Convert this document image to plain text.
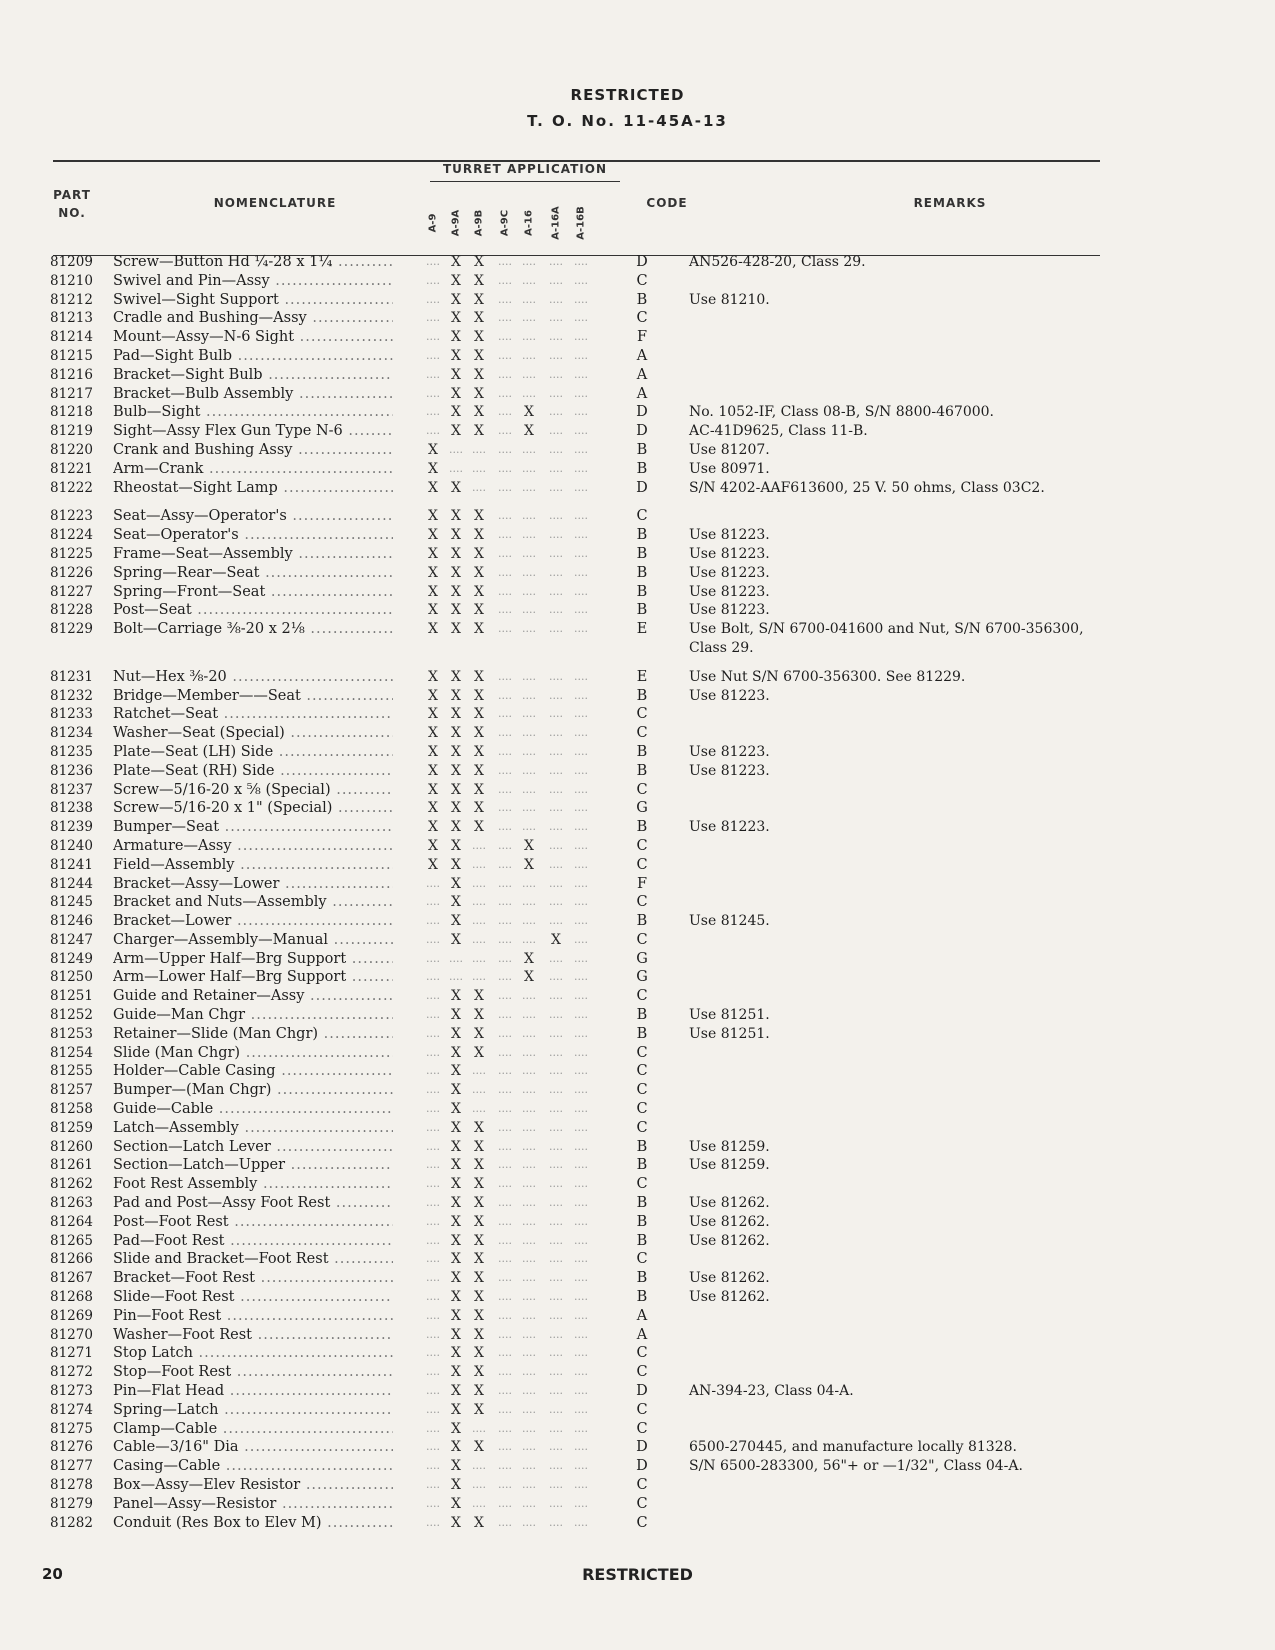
RESTRICTED
T. O. No. 11-45A-13
PART NO.
NOMENCLATURE
TURRET APPLICATION
A-9 A-9A A-9B A-9C A-16 A-16A A-16B
CODE	REMARKS
81209	Screw—Button Hd ¼-28 x 1¼ .....	.... X X	.... .... .... ....	D	AN526-428-20, Class 29.
81210	Swivel and Pin—Assy .....	.... X X	.... .... .... ....	C
81212	Swivel—Sight Support .....	.... X X	.... .... .... ....	B	Use 81210.
81213	Cradle and Bushing—Assy .....	.... X X	.... .... .... ....	C
81214	Mount—Assy—N-6 Sight .....	.... X X	.... .... .... ....	F
81215	Pad—Sight Bulb .....	.... X X	.... .... .... ....	A
81216	Bracket—Sight Bulb .....	.... X X	.... .... .... ....	A
81217	Bracket—Bulb Assembly .....	.... X X	.... .... .... ....	A
81218	Bulb—Sight .....	.... X X	.... X	.... ....	D	No. 1052-IF, Class 08-B, S/N 8800-467000.
81219	Sight—Assy Flex Gun Type N-6 .....	.... X X	.... X	.... ....	D	AC-41D9625, Class 11-B.
81220	Crank and Bushing Assy .....	X	.... .... .... .... .... ....	B	Use 81207.
81221	Arm—Crank .....	X	.... .... .... .... .... ....	B	Use 80971.
81222	Rheostat—Sight Lamp .....	X X	.... .... .... .... ....	D	S/N 4202-AAF613600, 25 V. 50 ohms, Class 03C2.
81223	Seat—Assy—Operator's .....	X X X	.... .... .... ....	C
81224	Seat—Operator's .....	X X X	.... .... .... ....	B	Use 81223.
81225	Frame—Seat—Assembly .....	X X X	.... .... .... ....	B	Use 81223.
81226	Spring—Rear—Seat .....	X X X	.... .... .... ....	B	Use 81223.
81227	Spring—Front—Seat .....	X X X	.... .... .... ....	B	Use 81223.
81228	Post—Seat .....	X X X	.... .... .... ....	B	Use 81223.
81229	Bolt—Carriage ⅜-20 x 2⅛ .....	X X X	.... .... .... ....	E	Use Bolt, S/N 6700-041600 and Nut, S/N 6700-356300, Class 29.
81231	Nut—Hex ⅜-20 .....	X X X	.... .... .... ....	E	Use Nut S/N 6700-356300. See 81229.
81232	Bridge—Member——Seat .....	X X X	.... .... .... ....	B	Use 81223.
81233	Ratchet—Seat .....	X X X	.... .... .... ....	C
81234	Washer—Seat (Special) .....	X X X	.... .... .... ....	C
81235	Plate—Seat (LH) Side .....	X X X	.... .... .... ....	B	Use 81223.
81236	Plate—Seat (RH) Side .....	X X X	.... .... .... ....	B	Use 81223.
81237	Screw—5/16-20 x ⅝ (Special) .....	X X X	.... .... .... ....	C
81238	Screw—5/16-20 x 1" (Special) .....	X X X	.... .... .... ....	G
81239	Bumper—Seat .....	X X X	.... .... .... ....	B	Use 81223.
81240	Armature—Assy .....	X X	.... .... X	.... ....	C
81241	Field—Assembly .....	X X	.... .... X	.... ....	C
81244	Bracket—Assy—Lower .....	.... X	.... .... .... .... ....	F
81245	Bracket and Nuts—Assembly .....	.... X	.... .... .... .... ....	C
81246	Bracket—Lower .....	.... X	.... .... .... .... ....	B	Use 81245.
81247	Charger—Assembly—Manual .....	.... X	.... .... .... X	....	C
81249	Arm—Upper Half—Brg Support .....	.... .... .... .... X	.... ....	G
81250	Arm—Lower Half—Brg Support .....	.... .... .... .... X	.... ....	G
81251	Guide and Retainer—Assy .....	.... X X	.... .... .... ....	C
81252	Guide—Man Chgr .....	.... X X	.... .... .... ....	B	Use 81251.
81253	Retainer—Slide (Man Chgr) .....	.... X X	.... .... .... ....	B	Use 81251.
81254	Slide (Man Chgr) .....	.... X X	.... .... .... ....	C
81255	Holder—Cable Casing .....	.... X	.... .... .... .... ....	C
81257	Bumper—(Man Chgr) .....	.... X	.... .... .... .... ....	C
81258	Guide—Cable .....	.... X	.... .... .... .... ....	C
81259	Latch—Assembly .....	.... X X	.... .... .... ....	C
81260	Section—Latch Lever .....	.... X X	.... .... .... ....	B	Use 81259.
81261	Section—Latch—Upper .....	.... X X	.... .... .... ....	B	Use 81259.
81262	Foot Rest Assembly .....	.... X X	.... .... .... ....	C
81263	Pad and Post—Assy Foot Rest .....	.... X X	.... .... .... ....	B	Use 81262.
81264	Post—Foot Rest .....	.... X X	.... .... .... ....	B	Use 81262.
81265	Pad—Foot Rest .....	.... X X	.... .... .... ....	B	Use 81262.
81266	Slide and Bracket—Foot Rest .....	.... X X	.... .... .... ....	C
81267	Bracket—Foot Rest .....	.... X X	.... .... .... ....	B	Use 81262.
81268	Slide—Foot Rest .....	.... X X	.... .... .... ....	B	Use 81262.
81269	Pin—Foot Rest .....	.... X X	.... .... .... ....	A
81270	Washer—Foot Rest .....	.... X X	.... .... .... ....	A
81271	Stop Latch .....	.... X X	.... .... .... ....	C
81272	Stop—Foot Rest .....	.... X X	.... .... .... ....	C
81273	Pin—Flat Head .....	.... X X	.... .... .... ....	D	AN-394-23, Class 04-A.
81274	Spring—Latch .....	.... X X	.... .... .... ....	C
81275	Clamp—Cable .....	.... X	.... .... .... .... ....	C
81276	Cable—3/16" Dia .....	.... X X	.... .... .... ....	D	6500-270445, and manufacture locally 81328.
81277	Casing—Cable .....	.... X	.... .... .... .... ....	D	S/N 6500-283300, 56"+ or —1/32", Class 04-A.
81278	Box—Assy—Elev Resistor .....	.... X	.... .... .... .... ....	C
81279	Panel—Assy—Resistor .....	.... X	.... .... .... .... ....	C
81282	Conduit (Res Box to Elev M) .....	.... X X	.... .... .... ....	C
20	RESTRICTED
